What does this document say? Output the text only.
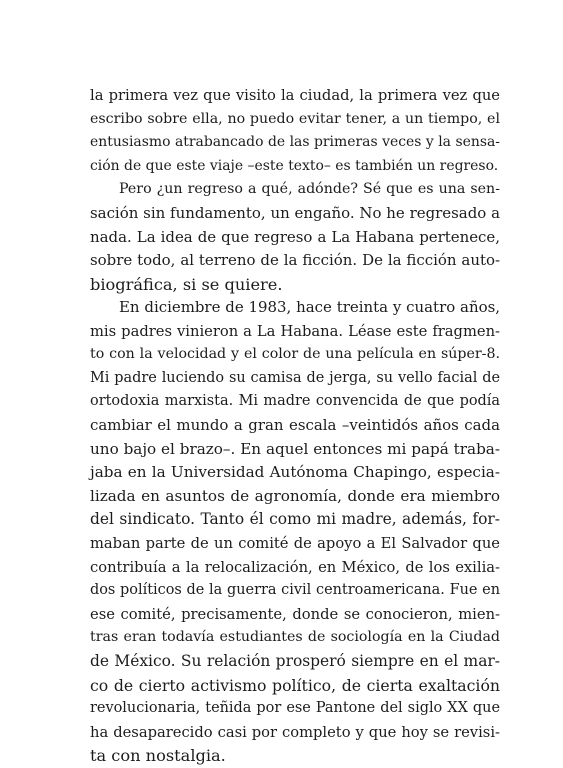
la primera vez que visito la ciudad, la primera vez que
escribo sobre ella, no puedo evitar tener, a un tiempo, el
entusiasmo atrabancado de las primeras veces y la sensa-
ción de que este viaje –este texto– es también un regreso.
Pero ¿un regreso a qué, adónde? Sé que es una sen-
sación sin fundamento, un engaño. No he regresado a
nada. La idea de que regreso a La Habana pertenece,
sobre todo, al terreno de la ficción. De la ficción auto-
biográfica, si se quiere.
En diciembre de 1983, hace treinta y cuatro años,
mis padres vinieron a La Habana. Léase este fragmen-
to con la velocidad y el color de una película en súper-8.
Mi padre luciendo su camisa de jerga, su vello facial de
ortodoxia marxista. Mi madre convencida de que podía
cambiar el mundo a gran escala –veintidós años cada
uno bajo el brazo–. En aquel entonces mi papá traba-
jaba en la Universidad Autónoma Chapingo, especia-
lizada en asuntos de agronomía, donde era miembro
del sindicato. Tanto él como mi madre, además, for-
maban parte de un comité de apoyo a El Salvador que
contribuía a la relocalización, en México, de los exilia-
dos políticos de la guerra civil centroamericana. Fue en
ese comité, precisamente, donde se conocieron, mien-
tras eran todavía estudiantes de sociología en la Ciudad
de México. Su relación prosperó siempre en el mar-
co de cierto activismo político, de cierta exaltación
revolucionaria, teñida por ese Pantone del siglo XX que
ha desaparecido casi por completo y que hoy se revisi-
ta con nostalgia.
